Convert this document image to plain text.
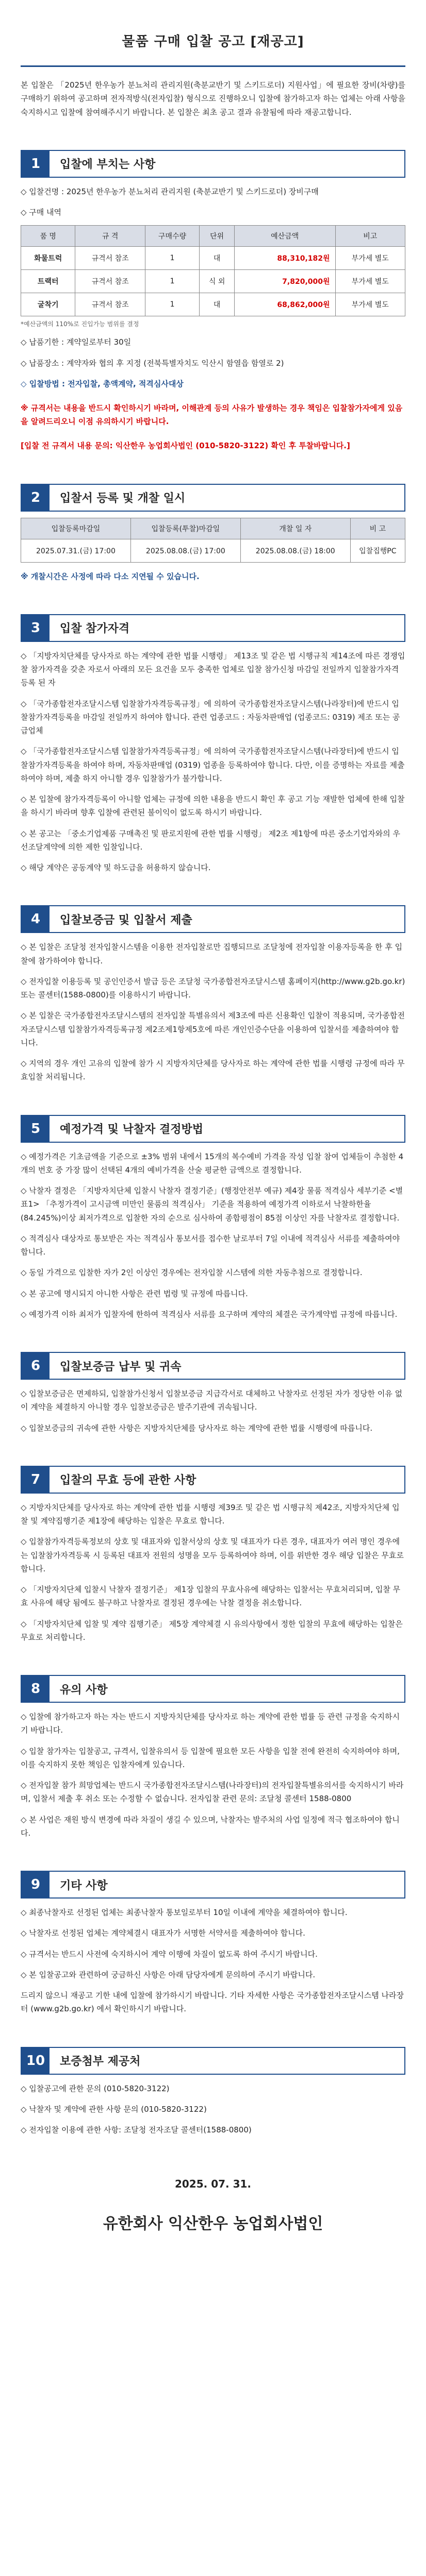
물품 구매 입찰 공고 [재공고]
본 입찰은 「2025년 한우농가 분뇨처리 관리지원(축분교반기 및 스키드로더) 지원사업」에 필요한 장비(차량)를 구매하기 위하여 공고하며 전자적방식(전자입찰) 형식으로 진행하오니 입찰에 참가하고자 하는 업체는 아래 사항을 숙지하시고 입찰에 참여해주시기 바랍니다. 본 입찰은 최초 공고 결과 유찰됨에 따라 재공고합니다.
1	입찰에 부치는 사항
◇ 입찰건명 : 2025년 한우농가 분뇨처리 관리지원 (축분교반기 및 스키드로더) 장비구매
◇ 구매 내역
품 명	규 격	구매수량	단위	예산금액	비고
화물트럭	규격서 참조	1	대	88,310,182원	부가세 별도
트랙터	규격서 참조	1	식 외	7,820,000원	부가세 별도
굴착기	규격서 참조	1	대	68,862,000원	부가세 별도
*예산금액의 110%로 진입가능 범위를 결정
◇ 납품기한 : 계약일로부터 30일
◇ 납품장소 : 계약자와 협의 후 지정 (전북특별자치도 익산시 함열읍 함열로 2)
◇ 입찰방법 : 전자입찰, 총액계약, 적격심사대상
※ 규격서는 내용을 반드시 확인하시기 바라며, 이해관계 등의 사유가 발생하는 경우 책임은 입찰참가자에게 있음을 알려드리오니 이점 유의하시기 바랍니다.
[입찰 전 규격서 내용 문의: 익산한우 농업회사법인 (010-5820-3122) 확인 후 투찰바랍니다.]
2	입찰서 등록 및 개찰 일시
입찰등록마감일	입찰등록(투찰)마감일	개찰 일 자	비 고
2025.07.31.(금) 17:00	2025.08.08.(금) 17:00	2025.08.08.(금) 18:00	입찰집행PC
※ 개찰시간은 사정에 따라 다소 지연될 수 있습니다.
3	입찰 참가자격
◇ 「지방자치단체를 당사자로 하는 계약에 관한 법률 시행령」 제13조 및 같은 법 시행규칙 제14조에 따른 경쟁입찰 참가자격을 갖춘 자로서 아래의 모든 요건을 모두 충족한 업체로 입찰 참가신청 마감일 전일까지 입찰참가자격 등록 된 자
◇ 「국가종합전자조달시스템 입찰참가자격등록규정」에 의하여 국가종합전자조달시스템(나라장터)에 반드시 입찰참가자격등록을 마감일 전일까지 하여야 합니다. 관련 업종코드 : 자동차판매업 (업종코드: 0319) 제조 또는 공급업체
◇ 「국가종합전자조달시스템 입찰참가자격등록규정」에 의하여 국가종합전자조달시스템(나라장터)에 반드시 입찰참가자격등록을 하여야 하며, 자동차판매업 (0319) 업종을 등록하여야 합니다. 다만, 이를 증명하는 자료를 제출 하여야 하며, 제출 하지 아니할 경우 입찰참가가 불가합니다.
◇ 본 입찰에 참가자격등록이 아니할 업체는 규정에 의한 내용을 반드시 확인 후 공고 기능 재발한 업체에 한해 입찰을 하시기 바라며 향후 입찰에 관련된 불이익이 없도록 하시기 바랍니다.
◇ 본 공고는 「중소기업제품 구매촉진 및 판로지원에 관한 법률 시행령」 제2조 제1항에 따른 중소기업자와의 우선조달계약에 의한 제한 입찰입니다.
◇ 해당 계약은 공동계약 및 하도급을 허용하지 않습니다.
4	입찰보증금 및 입찰서 제출
◇ 본 입찰은 조달청 전자입찰시스템을 이용한 전자입찰로만 집행되므로 조달청에 전자입찰 이용자등록을 한 후 입찰에 참가하여야 합니다.
◇ 전자입찰 이용등록 및 공인인증서 발급 등은 조달청 국가종합전자조달시스템 홈페이지(http://www.g2b.go.kr) 또는 콜센터(1588-0800)를 이용하시기 바랍니다.
◇ 본 입찰은 국가종합전자조달시스템의 전자입찰 특별유의서 제3조에 따른 신용확인 입찰이 적용되며, 국가종합전자조달시스템 입찰참가자격등록규정 제2조제1항제5호에 따른 개인인증수단을 이용하여 입찰서를 제출하여야 합니다.
◇ 지역의 경우 개인 고유의 입찰에 참가 시 지방자치단체를 당사자로 하는 계약에 관한 법률 시행령 규정에 따라 무효입찰 처리됩니다.
5	예정가격 및 낙찰자 결정방법
◇ 예정가격은 기초금액을 기준으로 ±3% 범위 내에서 15개의 복수예비 가격을 작성 입찰 참여 업체들이 추첨한 4개의 번호 중 가장 많이 선택된 4개의 예비가격을 산술 평균한 금액으로 결정합니다.
◇ 낙찰자 결정은 「지방자치단체 입찰시 낙찰자 결정기준」(행정안전부 예규) 제4장 물품 적격심사 세부기준 <별표1> 「추정가격이 고시금액 미만인 물품의 적격심사」 기준을 적용하여 예정가격 이하로서 낙찰하한율(84.245%)이상 최저가격으로 입찰한 자의 순으로 심사하여 종합평점이 85점 이상인 자를 낙찰자로 결정합니다.
◇ 적격심사 대상자로 통보받은 자는 적격심사 통보서를 접수한 날로부터 7일 이내에 적격심사 서류를 제출하여야 합니다.
◇ 동일 가격으로 입찰한 자가 2인 이상인 경우에는 전자입찰 시스템에 의한 자동추첨으로 결정합니다.
◇ 본 공고에 명시되지 아니한 사항은 관련 법령 및 규정에 따릅니다.
◇ 예정가격 이하 최저가 입찰자에 한하여 적격심사 서류를 요구하며 계약의 체결은 국가계약법 규정에 따릅니다.
6	입찰보증금 납부 및 귀속
◇ 입찰보증금은 면제하되, 입찰참가신청서 입찰보증금 지급각서로 대체하고 낙찰자로 선정된 자가 정당한 이유 없이 계약을 체결하지 아니할 경우 입찰보증금은 발주기관에 귀속됩니다.
◇ 입찰보증금의 귀속에 관한 사항은 지방자치단체를 당사자로 하는 계약에 관한 법률 시행령에 따릅니다.
7	입찰의 무효 등에 관한 사항
◇ 지방자치단체를 당사자로 하는 계약에 관한 법률 시행령 제39조 및 같은 법 시행규칙 제42조, 지방자치단체 입찰 및 계약집행기준 제1장에 해당하는 입찰은 무효로 합니다.
◇ 입찰참가자격등록정보의 상호 및 대표자와 입찰서상의 상호 및 대표자가 다른 경우, 대표자가 여러 명인 경우에는 입찰참가자격등록 시 등록된 대표자 전원의 성명을 모두 등록하여야 하며, 이를 위반한 경우 해당 입찰은 무효로 합니다.
◇ 「지방자치단체 입찰시 낙찰자 결정기준」 제1장 입찰의 무효사유에 해당하는 입찰서는 무효처리되며, 입찰 무효 사유에 해당 됨에도 불구하고 낙찰자로 결정된 경우에는 낙찰 결정을 취소합니다.
◇ 「지방자치단체 입찰 및 계약 집행기준」 제5장 계약체결 시 유의사항에서 정한 입찰의 무효에 해당하는 입찰은 무효로 처리합니다.
8	유의 사항
◇ 입찰에 참가하고자 하는 자는 반드시 지방자치단체를 당사자로 하는 계약에 관한 법률 등 관련 규정을 숙지하시기 바랍니다.
◇ 입찰 참가자는 입찰공고, 규격서, 입찰유의서 등 입찰에 필요한 모든 사항을 입찰 전에 완전히 숙지하여야 하며, 이를 숙지하지 못한 책임은 입찰자에게 있습니다.
◇ 전자입찰 참가 희망업체는 반드시 국가종합전자조달시스템(나라장터)의 전자입찰특별유의서를 숙지하시기 바라며, 입찰서 제출 후 취소 또는 수정할 수 없습니다. 전자입찰 관련 문의: 조달청 콜센터 1588-0800
◇ 본 사업은 재원 방식 변경에 따라 차질이 생길 수 있으며, 낙찰자는 발주처의 사업 일정에 적극 협조하여야 합니다.
9	기타 사항
◇ 최종낙찰자로 선정된 업체는 최종낙찰자 통보일로부터 10일 이내에 계약을 체결하여야 합니다.
◇ 낙찰자로 선정된 업체는 계약체결시 대표자가 서명한 서약서를 제출하여야 합니다.
◇ 규격서는 반드시 사전에 숙지하시어 계약 이행에 차질이 없도록 하여 주시기 바랍니다.
◇ 본 입찰공고와 관련하여 궁금하신 사항은 아래 담당자에게 문의하여 주시기 바랍니다.
드리지 않으니 재공고 기한 내에 입찰에 참가하시기 바랍니다. 기타 자세한 사항은 국가종합전자조달시스템 나라장터 (www.g2b.go.kr) 에서 확인하시기 바랍니다.
10	보증첨부 제공처
◇ 입찰공고에 관한 문의 (010-5820-3122)
◇ 낙찰자 및 계약에 관한 사항 문의 (010-5820-3122)
◇ 전자입찰 이용에 관한 사항: 조달청 전자조달 콜센터(1588-0800)
2025. 07. 31.
유한회사 익산한우 농업회사법인
